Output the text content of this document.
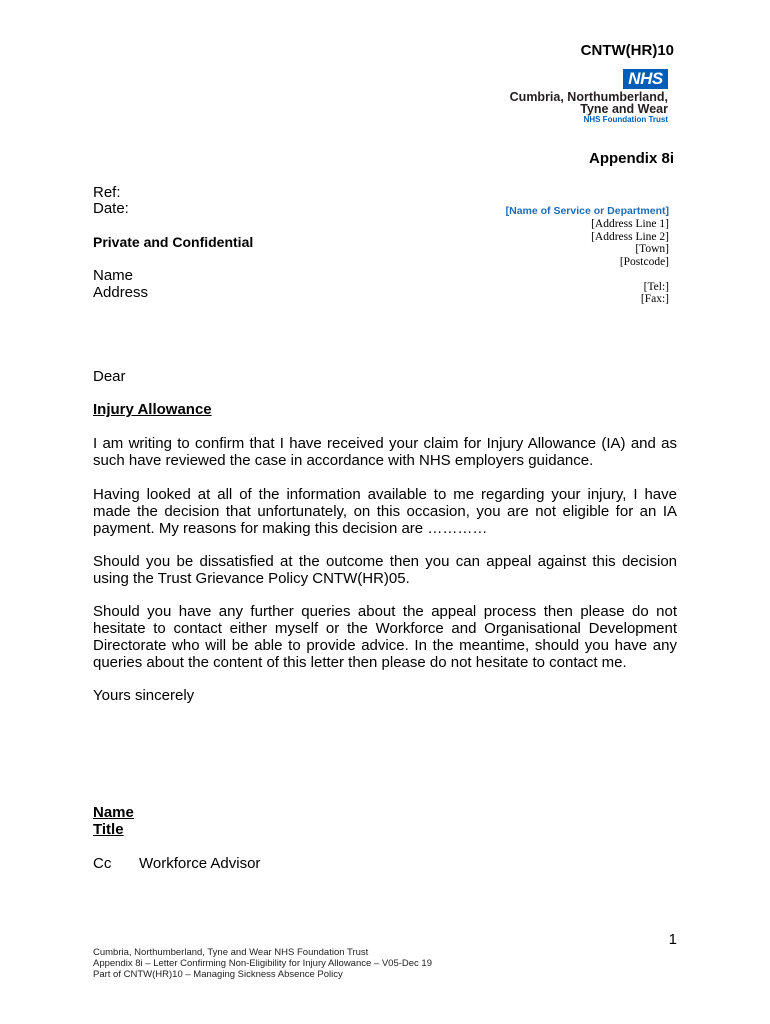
CNTW(HR)10
NHS
Cumbria, Northumberland,
Tyne and Wear
NHS Foundation Trust
Appendix 8i
Ref:
Date:
Private and Confidential
Name
Address
[Name of Service or Department]
[Address Line 1]
[Address Line 2]
[Town]
[Postcode]
[Tel:]
[Fax:]
Dear
Injury Allowance
I am writing to confirm that I have received your claim for Injury Allowance (IA) and as such have reviewed the case in accordance with NHS employers guidance.
Having looked at all of the information available to me regarding your injury, I have made the decision that unfortunately, on this occasion, you are not eligible for an IA payment. My reasons for making this decision are …………
Should you be dissatisfied at the outcome then you can appeal against this decision using the Trust Grievance Policy CNTW(HR)05.
Should you have any further queries about the appeal process then please do not hesitate to contact either myself or the Workforce and Organisational Development Directorate who will be able to provide advice. In the meantime, should you have any queries about the content of this letter then please do not hesitate to contact me.
Yours sincerely
Name
Title
Cc Workforce Advisor
1
Cumbria, Northumberland, Tyne and Wear NHS Foundation Trust
Appendix 8i – Letter Confirming Non-Eligibility for Injury Allowance – V05-Dec 19
Part of CNTW(HR)10 – Managing Sickness Absence Policy
